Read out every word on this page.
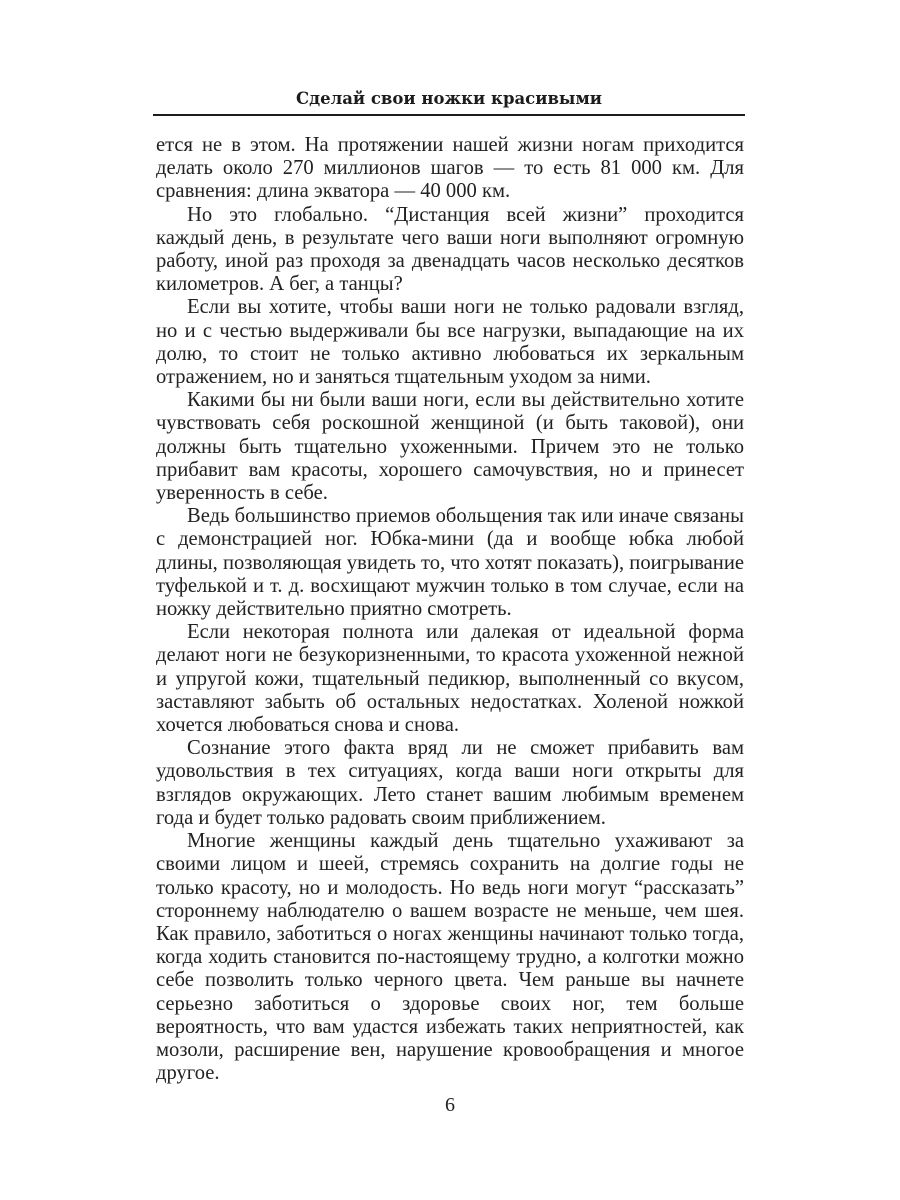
Сделай свои ножки красивыми

ется не в этом. На протяжении нашей жизни ногам приходится делать около 270 миллионов шагов — то есть 81 000 км. Для сравнения: длина экватора — 40 000 км.

Но это глобально. “Дистанция всей жизни” проходится каждый день, в результате чего ваши ноги выполняют огромную работу, иной раз проходя за двенадцать часов несколько десятков километров. А бег, а танцы?

Если вы хотите, чтобы ваши ноги не только радовали взгляд, но и с честью выдерживали бы все нагрузки, выпадающие на их долю, то стоит не только активно любоваться их зеркальным отражением, но и заняться тщательным уходом за ними.

Какими бы ни были ваши ноги, если вы действительно хотите чувствовать себя роскошной женщиной (и быть таковой), они должны быть тщательно ухоженными. Причем это не только прибавит вам красоты, хорошего самочувствия, но и принесет уверенность в себе.

Ведь большинство приемов обольщения так или иначе связаны с демонстрацией ног. Юбка-мини (да и вообще юбка любой длины, позволяющая увидеть то, что хотят показать), поигрывание туфелькой и т. д. восхищают мужчин только в том случае, если на ножку действительно приятно смотреть.

Если некоторая полнота или далекая от идеальной форма делают ноги не безукоризненными, то красота ухоженной нежной и упругой кожи, тщательный педикюр, выполненный со вкусом, заставляют забыть об остальных недостатках. Холеной ножкой хочется любоваться снова и снова.

Сознание этого факта вряд ли не сможет прибавить вам удовольствия в тех ситуациях, когда ваши ноги открыты для взглядов окружающих. Лето станет вашим любимым временем года и будет только радовать своим приближением.

Многие женщины каждый день тщательно ухаживают за своими лицом и шеей, стремясь сохранить на долгие годы не только красоту, но и молодость. Но ведь ноги могут “рассказать” стороннему наблюдателю о вашем возрасте не меньше, чем шея. Как правило, заботиться о ногах женщины начинают только тогда, когда ходить становится по-настоящему трудно, а колготки можно себе позволить только черного цвета. Чем раньше вы начнете серьезно заботиться о здоровье своих ног, тем больше вероятность, что вам удастся избежать таких неприятностей, как мозоли, расширение вен, нарушение кровообращения и многое другое.

6
